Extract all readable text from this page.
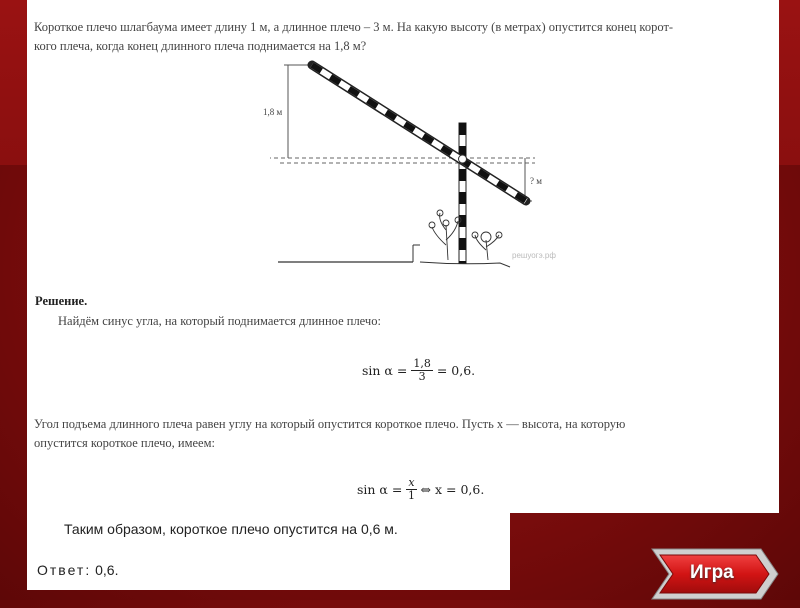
Короткое плечо шлагбаума имеет длину 1 м, а длинное плечо – 3 м. На какую высоту (в метрах) опустится конец корот-
кого плеча, когда конец длинного плеча поднимается на 1,8 м?
1,8 м
? м
решуогэ.рф
Решение.
Найдём синус угла, на который поднимается длинное плечо:
$\sin \alpha = \frac{1,8}{3} = 0,6$.
Угол подъема длинного плеча равен углу на который опустится короткое плечо. Пусть x — высота, на которую
опустится короткое плечо, имеем:
$\sin \alpha = \frac{x}{1}$ ⇔ x = 0,6.
Таким образом, короткое плечо опустится на 0,6 м.
Ответ: 0,6.	Игра
